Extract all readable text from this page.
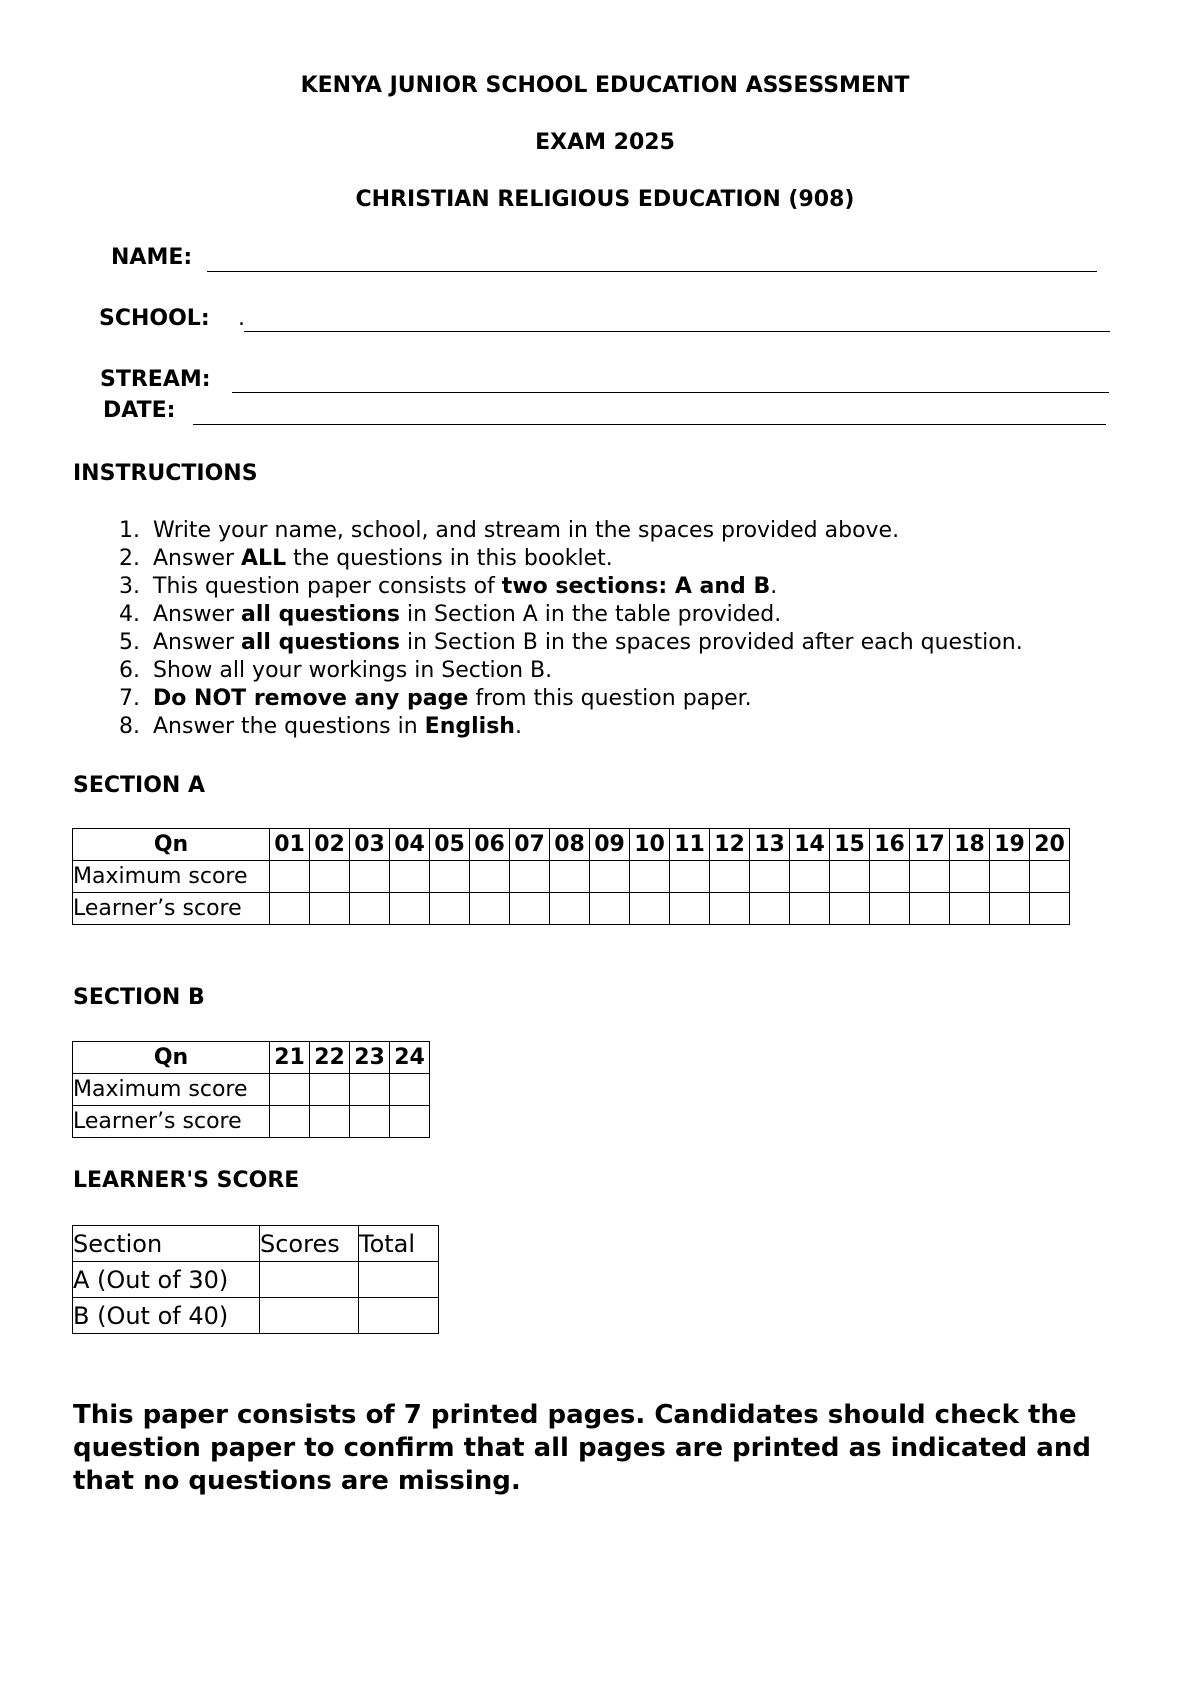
KENYA JUNIOR SCHOOL EDUCATION ASSESSMENT
EXAM 2025
CHRISTIAN RELIGIOUS EDUCATION (908)
NAME:
SCHOOL: .
STREAM:
DATE:
INSTRUCTIONS
1. Write your name, school, and stream in the spaces provided above.
2. Answer ALL the questions in this booklet.
3. This question paper consists of two sections: A and B.
4. Answer all questions in Section A in the table provided.
5. Answer all questions in Section B in the spaces provided after each question.
6. Show all your workings in Section B.
7. Do NOT remove any page from this question paper.
8. Answer the questions in English.
SECTION A
Qn	01	02	03	04	05	06	07	08	09	10	11	12	13	14	15	16	17	18	19	20
Maximum score																				
Learner’s score																				
SECTION B
Qn	21	22	23	24
Maximum score				
Learner’s score				
LEARNER'S SCORE
Section	Scores	Total
A (Out of 30)		
B (Out of 40)		
This paper consists of 7 printed pages. Candidates should check the question paper to confirm that all pages are printed as indicated and that no questions are missing.
